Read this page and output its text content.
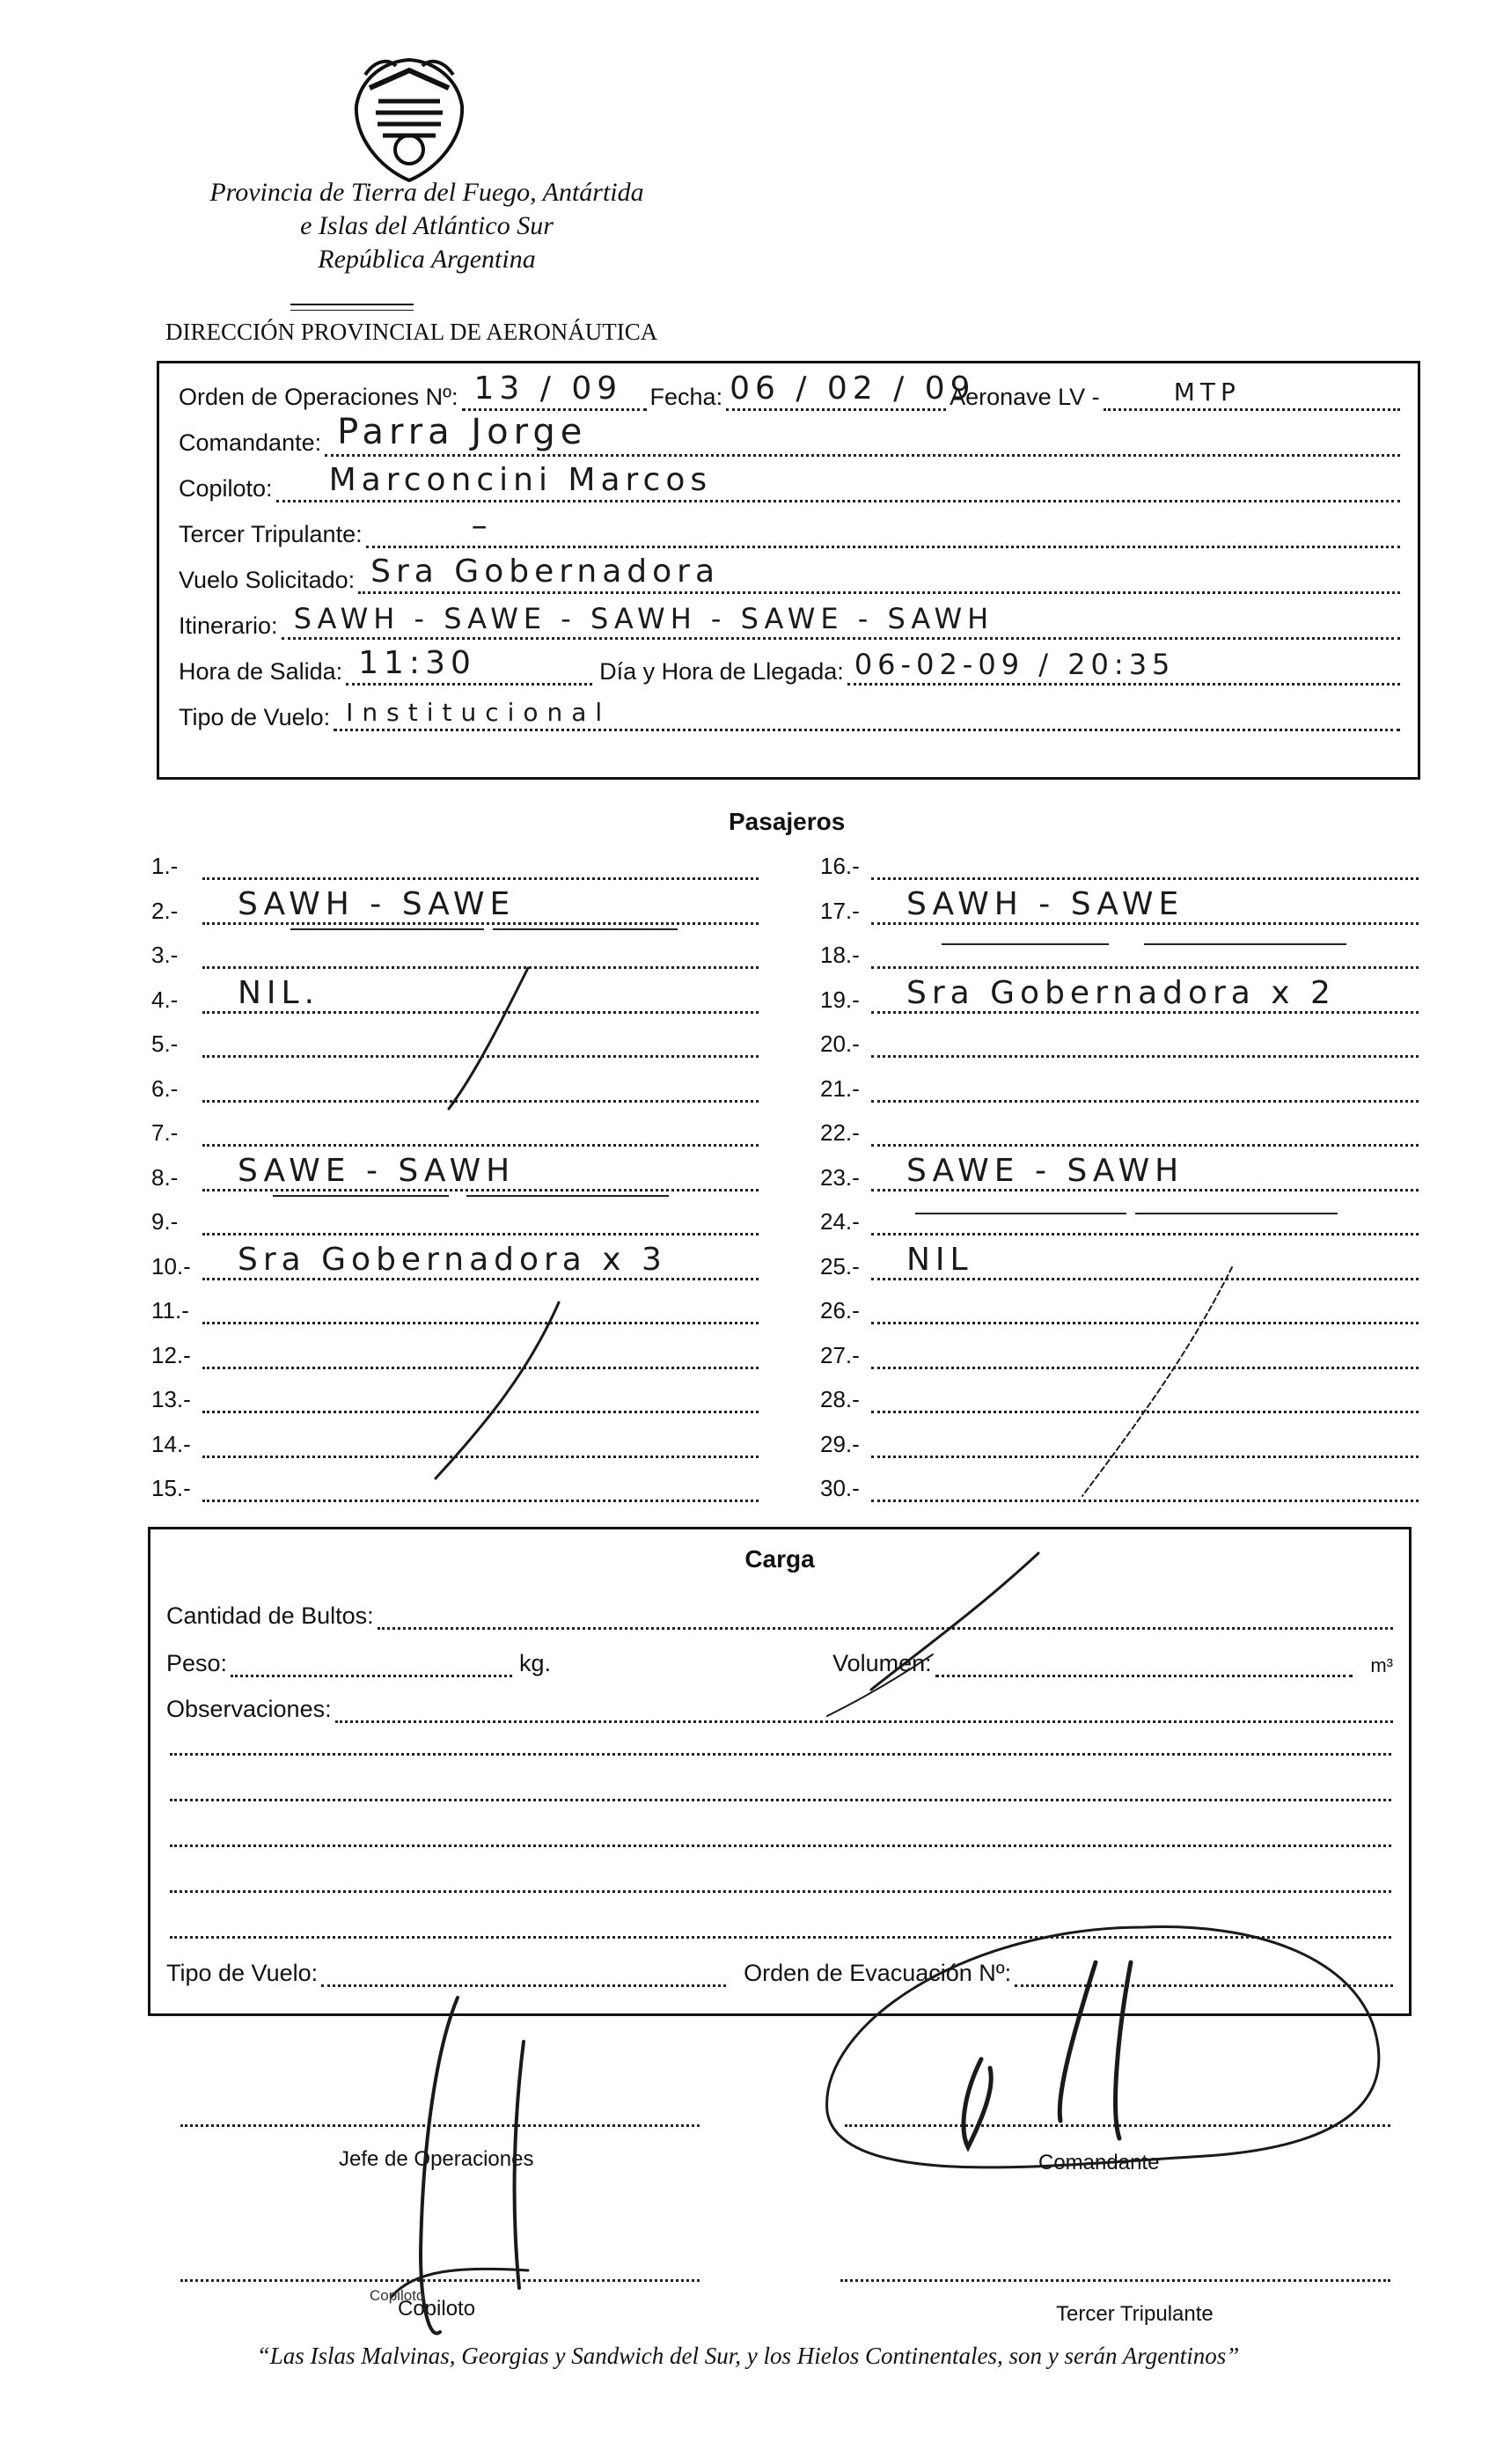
Provincia de Tierra del Fuego, Antártida
e Islas del Atlántico Sur
República Argentina
DIRECCIÓN PROVINCIAL DE AERONÁUTICA
Orden de Operaciones Nº: 13 / 09 Fecha: 06 / 02 / 09
Aeronave LV -	MTP
Comandante: Parra Jorge
Copiloto: Marconcini Marcos
Tercer Tripulante:	–
Vuelo Solicitado: Sra Gobernadora
Itinerario: SAWH - SAWE - SAWH - SAWE - SAWH
Hora de Salida: 11:30	Día y Hora de Llegada: 06-02-09 / 20:35
Tipo de Vuelo: Institucional
Pasajeros
1.-
2.-	SAWH - SAWE
3.-
4.-	NIL.
5.-
6.-
7.-
8.-	SAWE - SAWH
9.-
10.-	Sra Gobernadora x 3
11.-
12.-
13.-
14.-
15.-
16.-
17.-	SAWH - SAWE
18.-
19.-	Sra Gobernadora x 2
20.-
21.-
22.-
23.-	SAWE - SAWH
24.-
25.-	NIL
26.-
27.-
28.-
29.-
30.-
Carga
Cantidad de Bultos:
Peso:	kg.	Volumen:	m³
Observaciones:
Tipo de Vuelo:	Orden de Evacuación Nº:
Jefe de Operaciones	Comandante
Copiloto	Tercer Tripulante
“Las Islas Malvinas, Georgias y Sandwich del Sur, y los Hielos Continentales, son y serán Argentinos”
Copiloto
